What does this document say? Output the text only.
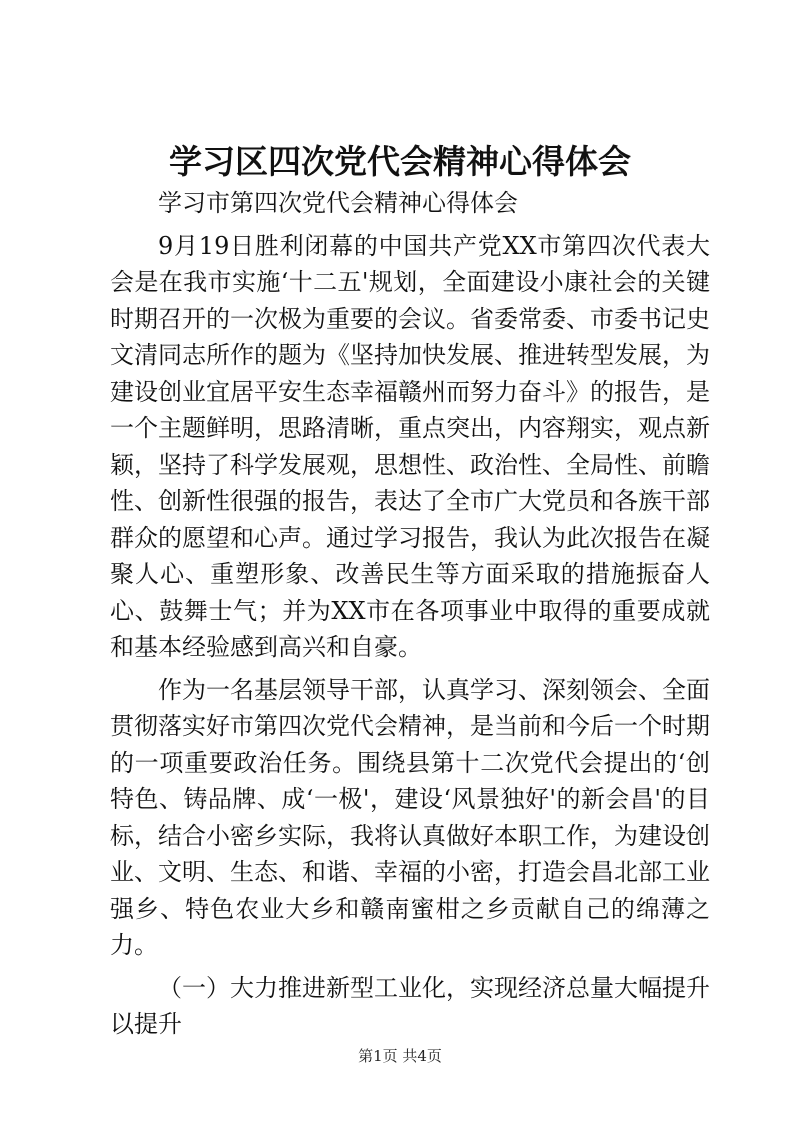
学习区四次党代会精神心得体会

学习市第四次党代会精神心得体会

9月19日胜利闭幕的中国共产党XX市第四次代表大会是在我市实施‘十二五'规划，全面建设小康社会的关键时期召开的一次极为重要的会议。省委常委、市委书记史文清同志所作的题为《坚持加快发展、推进转型发展，为建设创业宜居平安生态幸福赣州而努力奋斗》的报告，是一个主题鲜明，思路清晰，重点突出，内容翔实，观点新颖，坚持了科学发展观，思想性、政治性、全局性、前瞻性、创新性很强的报告，表达了全市广大党员和各族干部群众的愿望和心声。通过学习报告，我认为此次报告在凝聚人心、重塑形象、改善民生等方面采取的措施振奋人心、鼓舞士气；并为XX市在各项事业中取得的重要成就和基本经验感到高兴和自豪。

作为一名基层领导干部，认真学习、深刻领会、全面贯彻落实好市第四次党代会精神，是当前和今后一个时期的一项重要政治任务。围绕县第十二次党代会提出的‘创特色、铸品牌、成‘一极'，建设‘风景独好'的新会昌'的目标，结合小密乡实际，我将认真做好本职工作，为建设创业、文明、生态、和谐、幸福的小密，打造会昌北部工业强乡、特色农业大乡和赣南蜜柑之乡贡献自己的绵薄之力。

（一）大力推进新型工业化，实现经济总量大幅提升以提升

第1页 共4页
